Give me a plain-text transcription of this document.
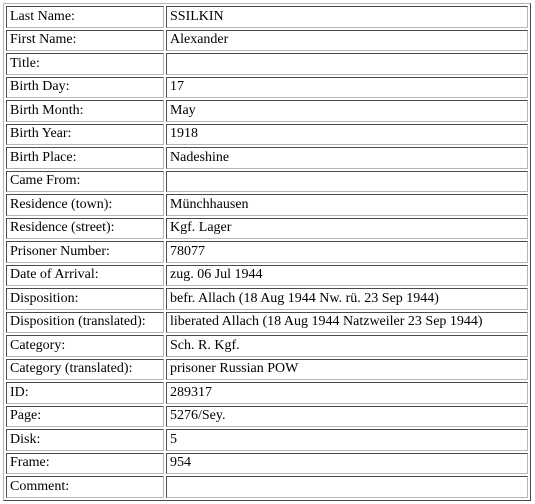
Last Name:	SSILKIN
First Name:	Alexander
Title:	
Birth Day:	17
Birth Month:	May
Birth Year:	1918
Birth Place:	Nadeshine
Came From:	
Residence (town):	Münchhausen
Residence (street):	Kgf. Lager
Prisoner Number:	78077
Date of Arrival:	zug. 06 Jul 1944
Disposition:	befr. Allach (18 Aug 1944 Nw. rü. 23 Sep 1944)
Disposition (translated):	liberated Allach (18 Aug 1944 Natzweiler 23 Sep 1944)
Category:	Sch. R. Kgf.
Category (translated):	prisoner Russian POW
ID:	289317
Page:	5276/Sey.
Disk:	5
Frame:	954
Comment:	
